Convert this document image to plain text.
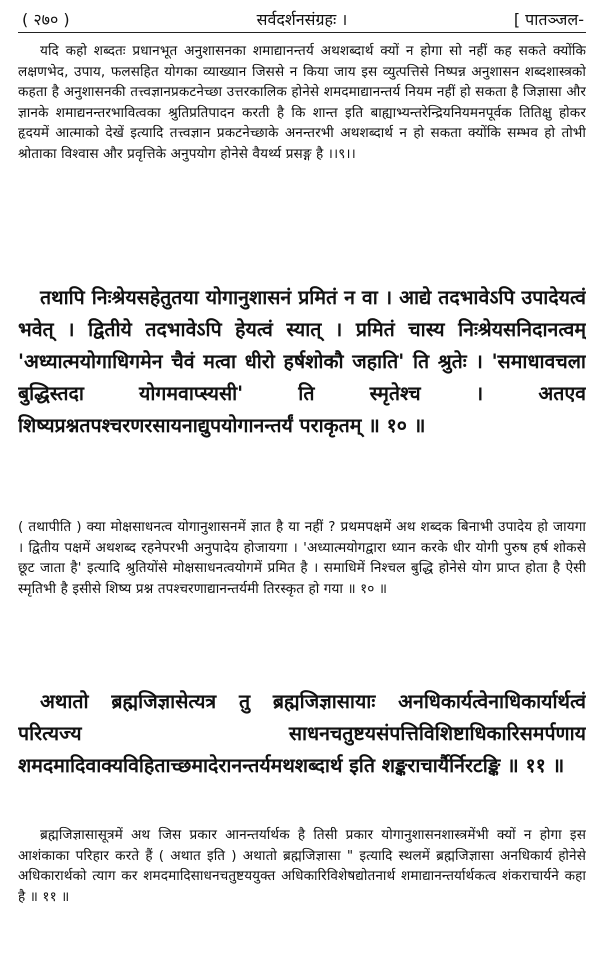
( २७० )	सर्वदर्शनसंग्रहः ।	[ पातञ्जल-
यदि कहो शब्दतः प्रधानभूत अनुशासनका शमाद्यानन्तर्य अथशब्दार्थ क्यों न होगा सो नहीं कह सकते क्योंकि लक्षणभेद, उपाय, फलसहित योगका व्याख्यान जिससे न किया जाय इस व्युत्पत्तिसे निष्पन्न अनुशासन शब्दशास्त्रको कहता है अनुशासनकी तत्त्वज्ञानप्रकटनेच्छा उत्तरकालिक होनेसे शमदमाद्यानन्तर्य नियम नहीं हो सकता है जिज्ञासा और ज्ञानके शमाद्यनन्तरभावित्वका श्रुतिप्रतिपादन करती है कि शान्त इति बाह्याभ्यन्तरेन्द्रियनियमनपूर्वक तितिक्षु होकर हृदयमें आत्माको देखें इत्यादि तत्त्वज्ञान प्रकटनेच्छाके अनन्तरभी अथशब्दार्थ न हो सकता क्योंकि सम्भव हो तोभी श्रोताका विश्वास और प्रवृत्तिके अनुपयोग होनेसे वैयर्थ्य प्रसङ्ग है ।।९।।
तथापि निःश्रेयसहेतुतया योगानुशासनं प्रमितं न वा । आद्ये तदभावेऽपि उपादेयत्वं भवेत् । द्वितीये तदभावेऽपि हेयत्वं स्यात् । प्रमितं चास्य निःश्रेयसनिदानत्वम् 'अध्यात्मयोगाधिगमेन चैवं मत्वा धीरो हर्षशोकौ जहाति' ति श्रुतेः । 'समाधावचला बुद्धिस्तदा योगमवाप्स्यसी' ति स्मृतेश्च । अतएव शिष्यप्रश्नतपश्चरणरसायनाद्युपयोगानन्तर्यं पराकृतम् ॥ १० ॥
( तथापीति ) क्या मोक्षसाधनत्व योगानुशासनमें ज्ञात है या नहीं ? प्रथमपक्षमें अथ शब्दक बिनाभी उपादेय हो जायगा । द्वितीय पक्षमें अथशब्द रहनेपरभी अनुपादेय होजायगा । 'अध्यात्मयोगद्वारा ध्यान करके धीर योगी पुरुष हर्ष शोकसे छूट जाता है' इत्यादि श्रुतियोंसे मोक्षसाधनत्वयोगमें प्रमित है । समाधिमें निश्चल बुद्धि होनेसे योग प्राप्त होता है ऐसी स्मृतिभी है इसीसे शिष्य प्रश्न तपश्चरणाद्यानन्तर्यमी तिरस्कृत हो गया ॥ १० ॥
अथातो ब्रह्मजिज्ञासेत्यत्र तु ब्रह्मजिज्ञासायाः अनधिकार्यत्वेनाधिकार्यार्थत्वं परित्यज्य साधनचतुष्टयसंपत्तिविशिष्टाधिकारिसमर्पणाय शमदमादिवाक्यविहिताच्छमादेरानन्तर्यमथशब्दार्थ इति शङ्कराचार्यैर्निरटङ्कि ॥ ११ ॥
ब्रह्मजिज्ञासासूत्रमें अथ जिस प्रकार आनन्तर्यार्थक है तिसी प्रकार योगानुशासनशास्त्रमेंभी क्यों न होगा इस आशंकाका परिहार करते हैं ( अथात इति ) अथातो ब्रह्मजिज्ञासा " इत्यादि स्थलमें ब्रह्मजिज्ञासा अनधिकार्य होनेसे अधिकारार्थको त्याग कर शमदमादिसाधनचतुष्टययुक्त अधिकारिविशेषद्योतनार्थ शमाद्यानन्तर्यार्थकत्व शंकराचार्यने कहा है ॥ ११ ॥
